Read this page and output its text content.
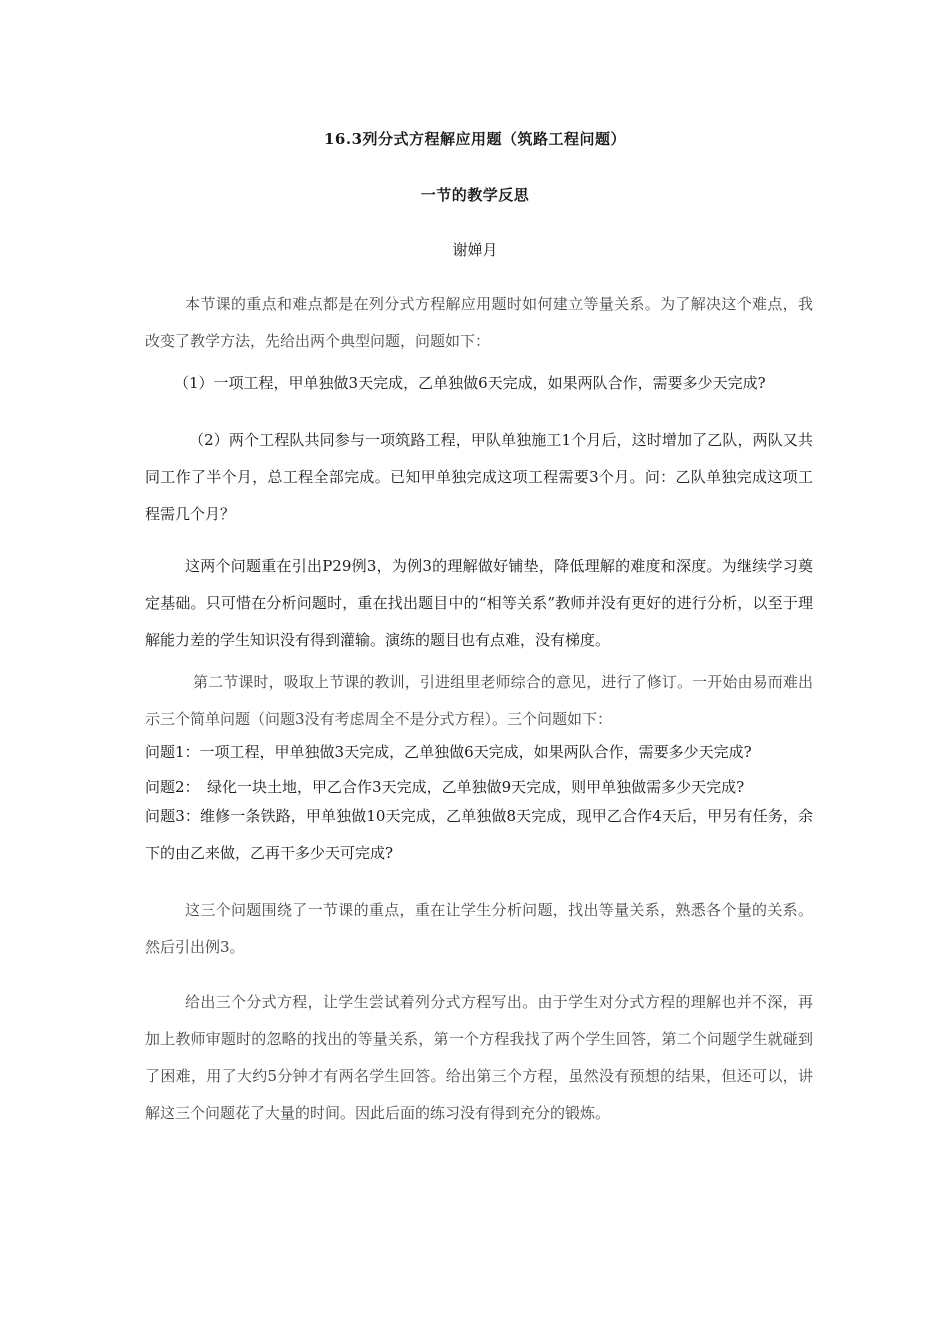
16.3列分式方程解应用题（筑路工程问题）
一节的教学反思
谢婵月
本节课的重点和难点都是在列分式方程解应用题时如何建立等量关系。为了解决这个难点，我改变了教学方法，先给出两个典型问题，问题如下：
（1）一项工程，甲单独做3天完成，乙单独做6天完成，如果两队合作，需要多少天完成?
（2）两个工程队共同参与一项筑路工程，甲队单独施工1个月后，这时增加了乙队，两队又共同工作了半个月，总工程全部完成。已知甲单独完成这项工程需要3个月。问：乙队单独完成这项工程需几个月？
这两个问题重在引出P29例3，为例3的理解做好铺垫，降低理解的难度和深度。为继续学习奠定基础。只可惜在分析问题时，重在找出题目中的“相等关系”教师并没有更好的进行分析，以至于理解能力差的学生知识没有得到灌输。演练的题目也有点难，没有梯度。
第二节课时，吸取上节课的教训，引进组里老师综合的意见，进行了修订。一开始由易而难出示三个简单问题（问题3没有考虑周全不是分式方程）。三个问题如下：
问题1：一项工程，甲单独做3天完成，乙单独做6天完成，如果两队合作，需要多少天完成?
问题2：　绿化一块土地，甲乙合作3天完成，乙单独做9天完成，则甲单独做需多少天完成?
问题3：维修一条铁路，甲单独做10天完成，乙单独做8天完成，现甲乙合作4天后，甲另有任务，余下的由乙来做，乙再干多少天可完成?
这三个问题围绕了一节课的重点，重在让学生分析问题，找出等量关系，熟悉各个量的关系。然后引出例3。
给出三个分式方程，让学生尝试着列分式方程写出。由于学生对分式方程的理解也并不深，再加上教师审题时的忽略的找出的等量关系，第一个方程我找了两个学生回答，第二个问题学生就碰到了困难，用了大约5分钟才有两名学生回答。给出第三个方程，虽然没有预想的结果，但还可以，讲解这三个问题花了大量的时间。因此后面的练习没有得到充分的锻炼。
